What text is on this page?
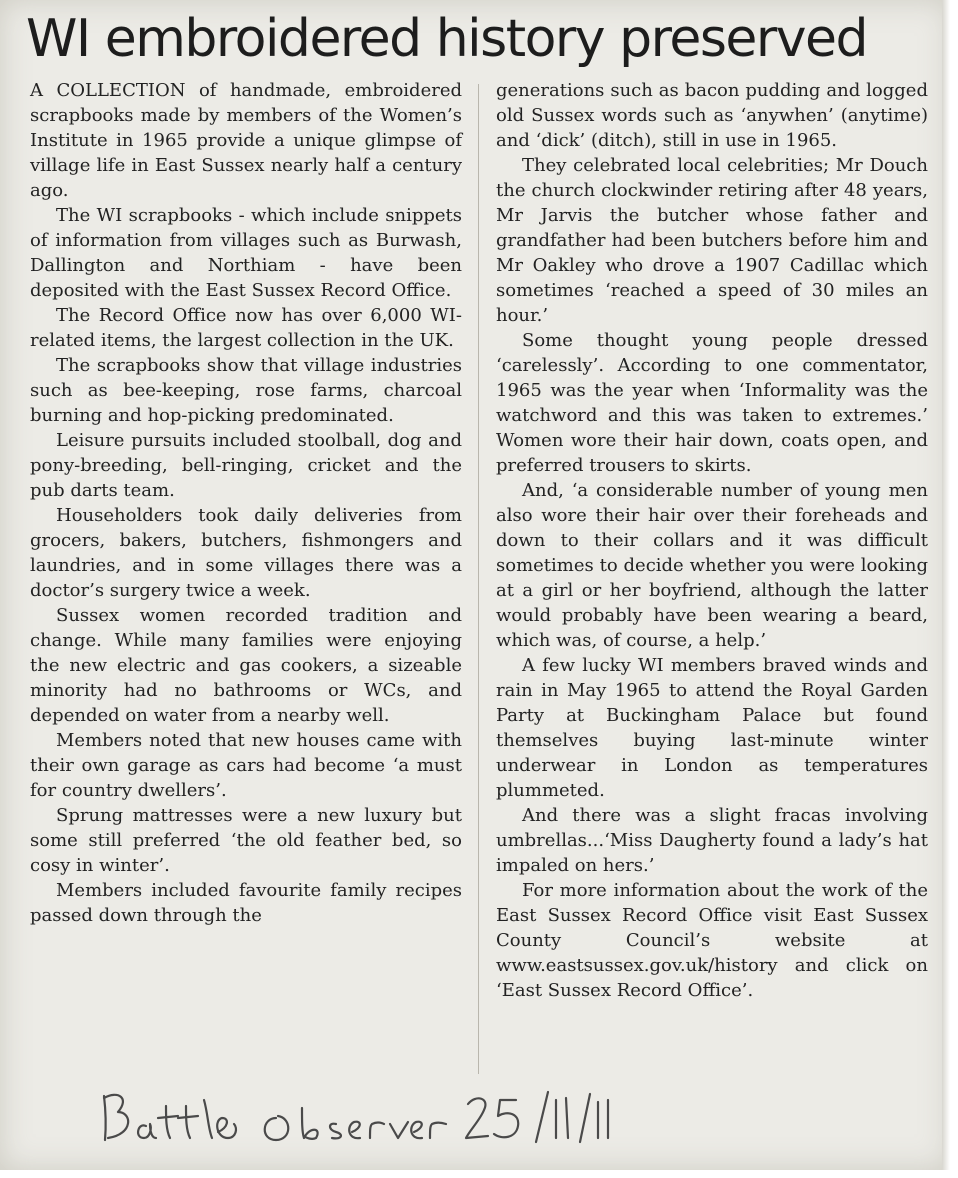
WI embroidered history preserved

A COLLECTION of handmade, embroidered scrapbooks made by members of the Women’s Institute in 1965 provide a unique glimpse of village life in East Sussex nearly half a century ago.

The WI scrapbooks - which include snippets of information from villages such as Burwash, Dallington and Northiam - have been deposited with the East Sussex Record Office.

The Record Office now has over 6,000 WI-related items, the largest collection in the UK.

The scrapbooks show that village industries such as bee-keeping, rose farms, charcoal burning and hop-picking predominated.

Leisure pursuits included stoolball, dog and pony-breeding, bell-ringing, cricket and the pub darts team.

Householders took daily deliveries from grocers, bakers, butchers, fishmongers and laundries, and in some villages there was a doctor’s surgery twice a week.

Sussex women recorded tradition and change. While many families were enjoying the new electric and gas cookers, a sizeable minority had no bathrooms or WCs, and depended on water from a nearby well.

Members noted that new houses came with their own garage as cars had become ‘a must for country dwellers’.

Sprung mattresses were a new luxury but some still preferred ‘the old feather bed, so cosy in winter’.

Members included favourite family recipes passed down through the

generations such as bacon pudding and logged old Sussex words such as ‘anywhen’ (anytime) and ‘dick’ (ditch), still in use in 1965.

They celebrated local celebrities; Mr Douch the church clockwinder retiring after 48 years, Mr Jarvis the butcher whose father and grandfather had been butchers before him and Mr Oakley who drove a 1907 Cadillac which sometimes ‘reached a speed of 30 miles an hour.’

Some thought young people dressed ‘carelessly’. According to one commentator, 1965 was the year when ‘Informality was the watchword and this was taken to extremes.’ Women wore their hair down, coats open, and preferred trousers to skirts.

And, ‘a considerable number of young men also wore their hair over their foreheads and down to their collars and it was difficult sometimes to decide whether you were looking at a girl or her boyfriend, although the latter would probably have been wearing a beard, which was, of course, a help.’

A few lucky WI members braved winds and rain in May 1965 to attend the Royal Garden Party at Buckingham Palace but found themselves buying last-minute winter underwear in London as temperatures plummeted.

And there was a slight fracas involving umbrellas...‘Miss Daugherty found a lady’s hat impaled on hers.’

For more information about the work of the East Sussex Record Office visit East Sussex County Council’s website at www.eastsussex.gov.uk/history and click on ‘East Sussex Record Office’.

Battle Observer 25/11/11
